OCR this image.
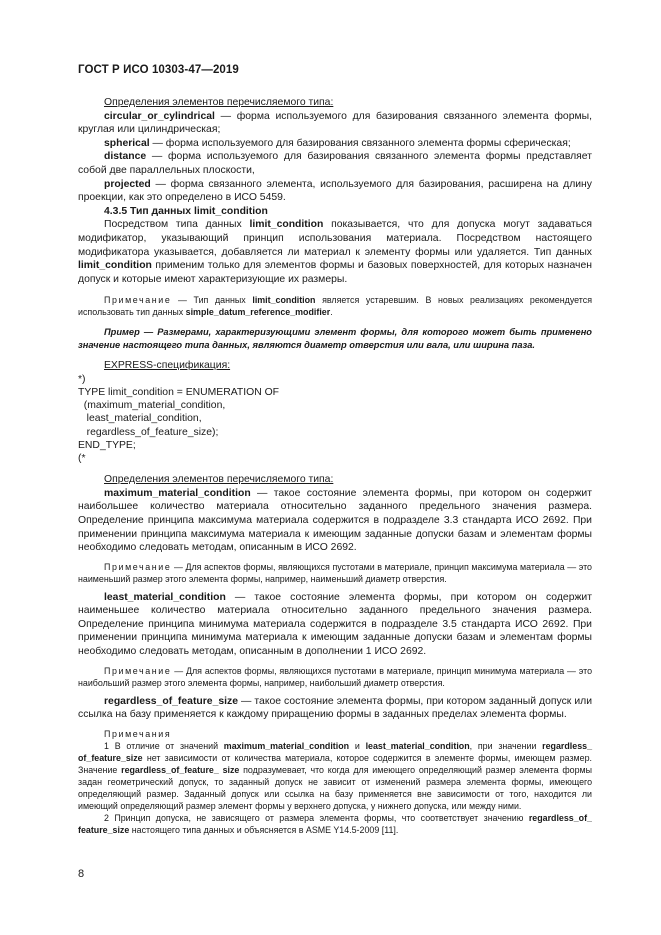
ГОСТ Р ИСО 10303-47—2019

Определения элементов перечисляемого типа:

circular_or_cylindrical — форма используемого для базирования связанного элемента формы, круглая или цилиндрическая;

spherical — форма используемого для базирования связанного элемента формы сферическая;

distance — форма используемого для базирования связанного элемента формы представляет собой две параллельных плоскости,

projected — форма связанного элемента, используемого для базирования, расширена на длину проекции, как это определено в ИСО 5459.

4.3.5 Тип данных limit_condition

Посредством типа данных limit_condition показывается, что для допуска могут задаваться модификатор, указывающий принцип использования материала. Посредством настоящего модификатора указывается, добавляется ли материал к элементу формы или удаляется. Тип данных limit_condition применим только для элементов формы и базовых поверхностей, для которых назначен допуск и которые имеют характеризующие их размеры.

Примечание — Тип данных limit_condition является устаревшим. В новых реализациях рекомендуется использовать тип данных simple_datum_reference_modifier.

Пример — Размерами, характеризующими элемент формы, для которого может быть применено значение настоящего типа данных, являются диаметр отверстия или вала, или ширина паза.

EXPRESS-спецификация:

*)
TYPE limit_condition = ENUMERATION OF
(maximum_material_condition,
least_material_condition,
regardless_of_feature_size);
END_TYPE;
(*

Определения элементов перечисляемого типа:

maximum_material_condition — такое состояние элемента формы, при котором он содержит наибольшее количество материала относительно заданного предельного значения размера. Определение принципа максимума материала содержится в подразделе 3.3 стандарта ИСО 2692. При применении принципа максимума материала к имеющим заданные допуски базам и элементам формы необходимо следовать методам, описанным в ИСО 2692.

Примечание — Для аспектов формы, являющихся пустотами в материале, принцип максимума материала — это наименьший размер этого элемента формы, например, наименьший диаметр отверстия.

least_material_condition — такое состояние элемента формы, при котором он содержит наименьшее количество материала относительно заданного предельного значения размера. Определение принципа минимума материала содержится в подразделе 3.5 стандарта ИСО 2692. При применении принципа минимума материала к имеющим заданные допуски базам и элементам формы необходимо следовать методам, описанным в дополнении 1 ИСО 2692.

Примечание — Для аспектов формы, являющихся пустотами в материале, принцип минимума материала — это наибольший размер этого элемента формы, например, наибольший диаметр отверстия.

regardless_of_feature_size — такое состояние элемента формы, при котором заданный допуск или ссылка на базу применяется к каждому приращению формы в заданных пределах элемента формы.

Примечания

1 В отличие от значений maximum_material_condition и least_material_condition, при значении regardless_ of_feature_size нет зависимости от количества материала, которое содержится в элементе формы, имеющем размер. Значение regardless_of_feature_ size подразумевает, что когда для имеющего определяющий размер элемента формы задан геометрический допуск, то заданный допуск не зависит от изменений размера элемента формы, имеющего определяющий размер. Заданный допуск или ссылка на базу применяется вне зависимости от того, находится ли имеющий определяющий размер элемент формы у верхнего допуска, у нижнего допуска, или между ними.

2 Принцип допуска, не зависящего от размера элемента формы, что соответствует значению regardless_of_ feature_size настоящего типа данных и объясняется в ASME Y14.5-2009 [11].

8
